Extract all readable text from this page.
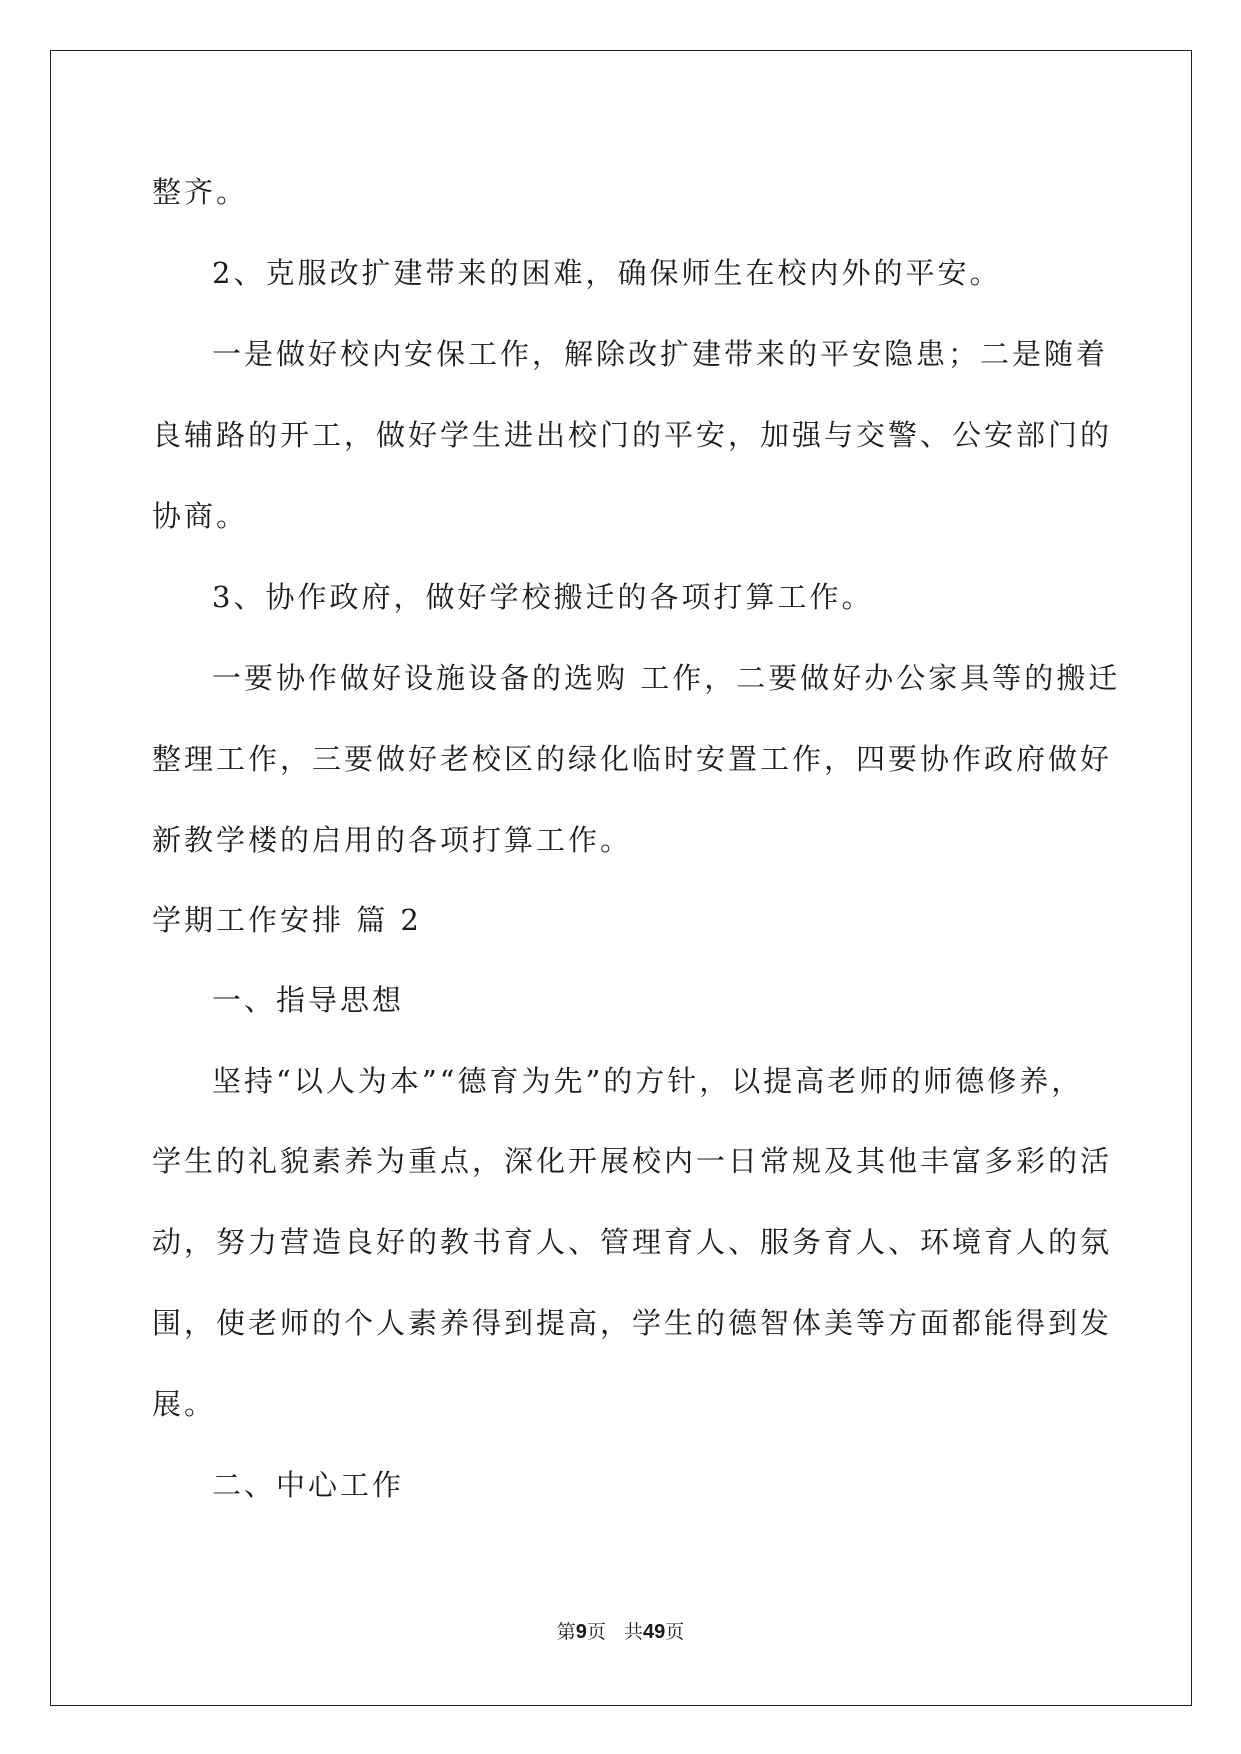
整齐。
2、克服改扩建带来的困难，确保师生在校内外的平安。
一是做好校内安保工作，解除改扩建带来的平安隐患；二是随着
良辅路的开工，做好学生进出校门的平安，加强与交警、公安部门的
协商。
3、协作政府，做好学校搬迁的各项打算工作。
一要协作做好设施设备的选购 工作，二要做好办公家具等的搬迁
整理工作，三要做好老校区的绿化临时安置工作，四要协作政府做好
新教学楼的启用的各项打算工作。
学期工作安排 篇 2
一、指导思想
坚持“以人为本”“德育为先”的方针，以提高老师的师德修养，
学生的礼貌素养为重点，深化开展校内一日常规及其他丰富多彩的活
动，努力营造良好的教书育人、管理育人、服务育人、环境育人的氛
围，使老师的个人素养得到提高，学生的德智体美等方面都能得到发
展。
二、中心工作
第9页 共49页
